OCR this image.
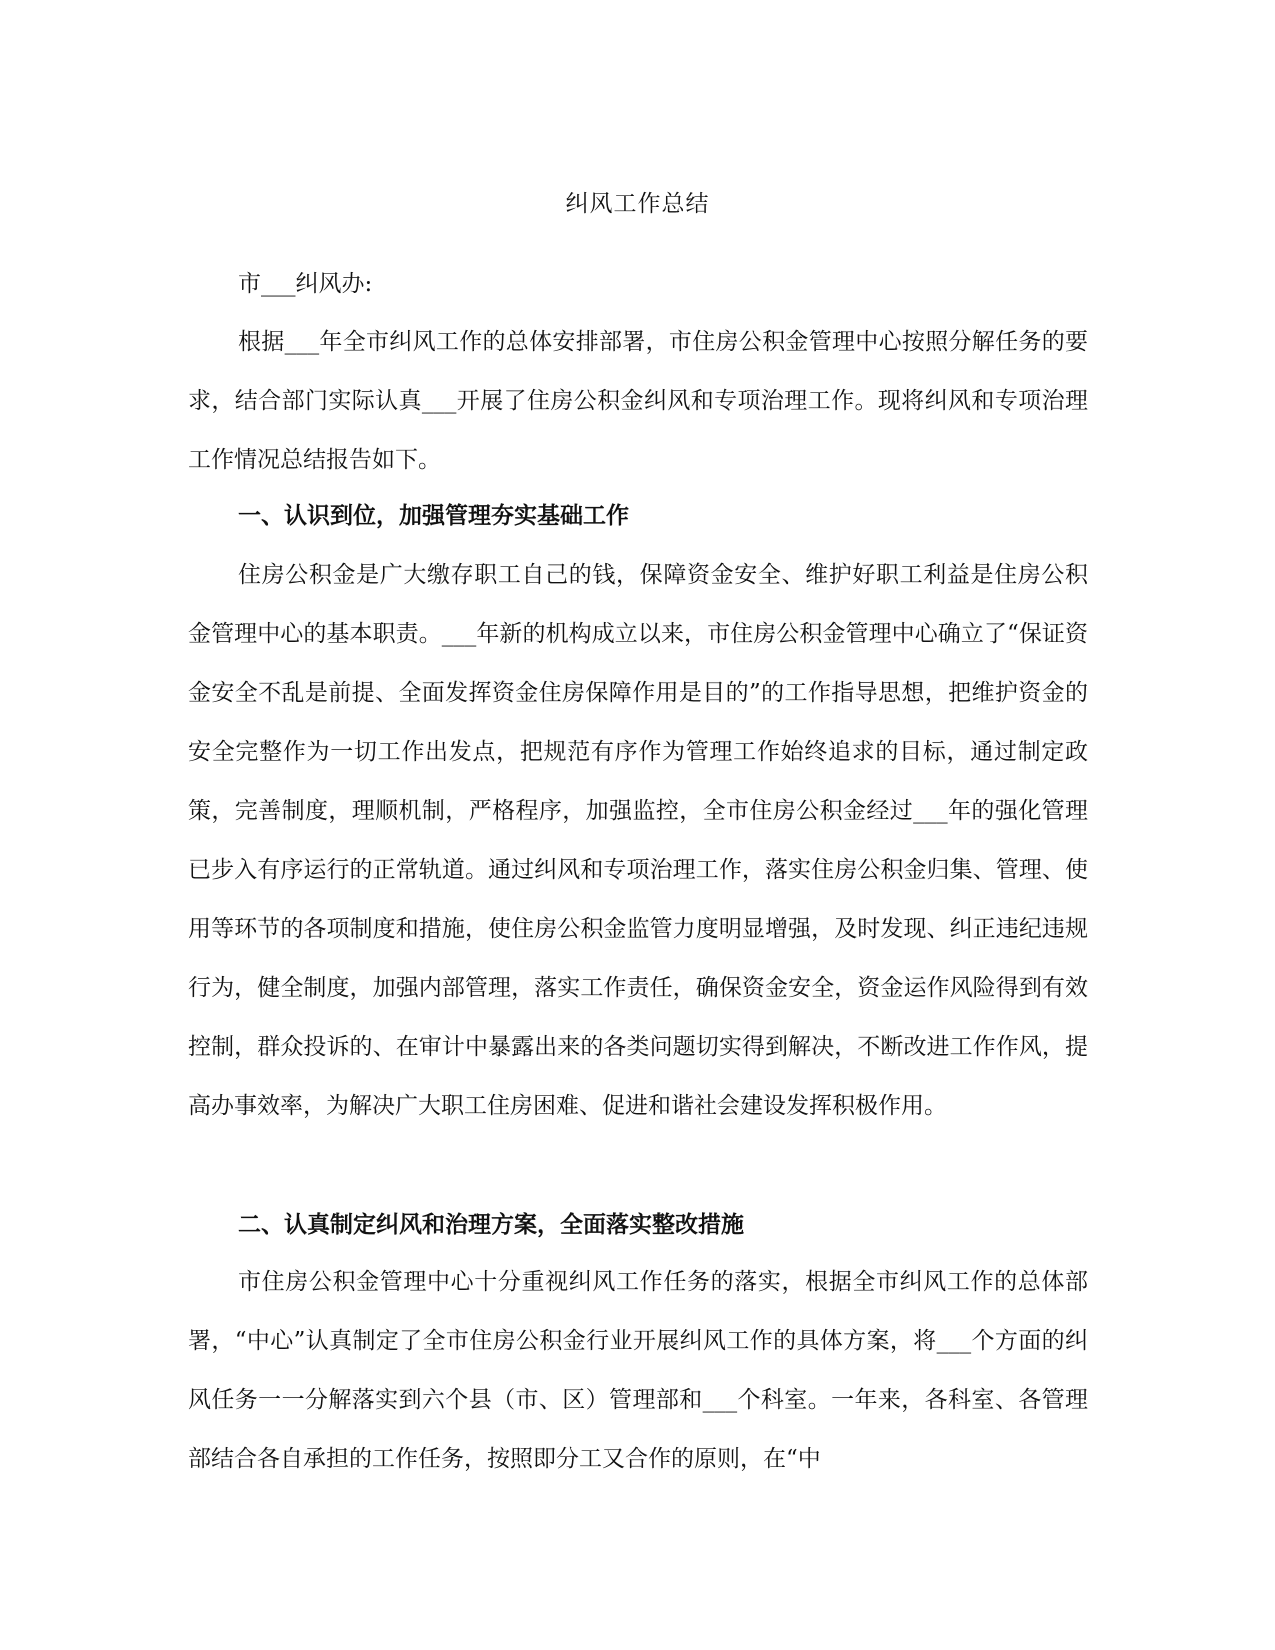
纠风工作总结
市___纠风办:

根据___年全市纠风工作的总体安排部署，市住房公积金管理中心按照分解任务的要求，结合部门实际认真___开展了住房公积金纠风和专项治理工作。现将纠风和专项治理工作情况总结报告如下。

一、认识到位，加强管理夯实基础工作

住房公积金是广大缴存职工自己的钱，保障资金安全、维护好职工利益是住房公积金管理中心的基本职责。___年新的机构成立以来，市住房公积金管理中心确立了“保证资金安全不乱是前提、全面发挥资金住房保障作用是目的”的工作指导思想，把维护资金的安全完整作为一切工作出发点，把规范有序作为管理工作始终追求的目标，通过制定政策，完善制度，理顺机制，严格程序，加强监控，全市住房公积金经过___年的强化管理已步入有序运行的正常轨道。通过纠风和专项治理工作，落实住房公积金归集、管理、使用等环节的各项制度和措施，使住房公积金监管力度明显增强，及时发现、纠正违纪违规行为，健全制度，加强内部管理，落实工作责任，确保资金安全，资金运作风险得到有效控制，群众投诉的、在审计中暴露出来的各类问题切实得到解决，不断改进工作作风，提高办事效率，为解决广大职工住房困难、促进和谐社会建设发挥积极作用。

二、认真制定纠风和治理方案，全面落实整改措施

市住房公积金管理中心十分重视纠风工作任务的落实，根据全市纠风工作的总体部署，“中心”认真制定了全市住房公积金行业开展纠风工作的具体方案，将___个方面的纠风任务一一分解落实到六个县（市、区）管理部和___个科室。一年来，各科室、各管理部结合各自承担的工作任务，按照即分工又合作的原则，在“中
